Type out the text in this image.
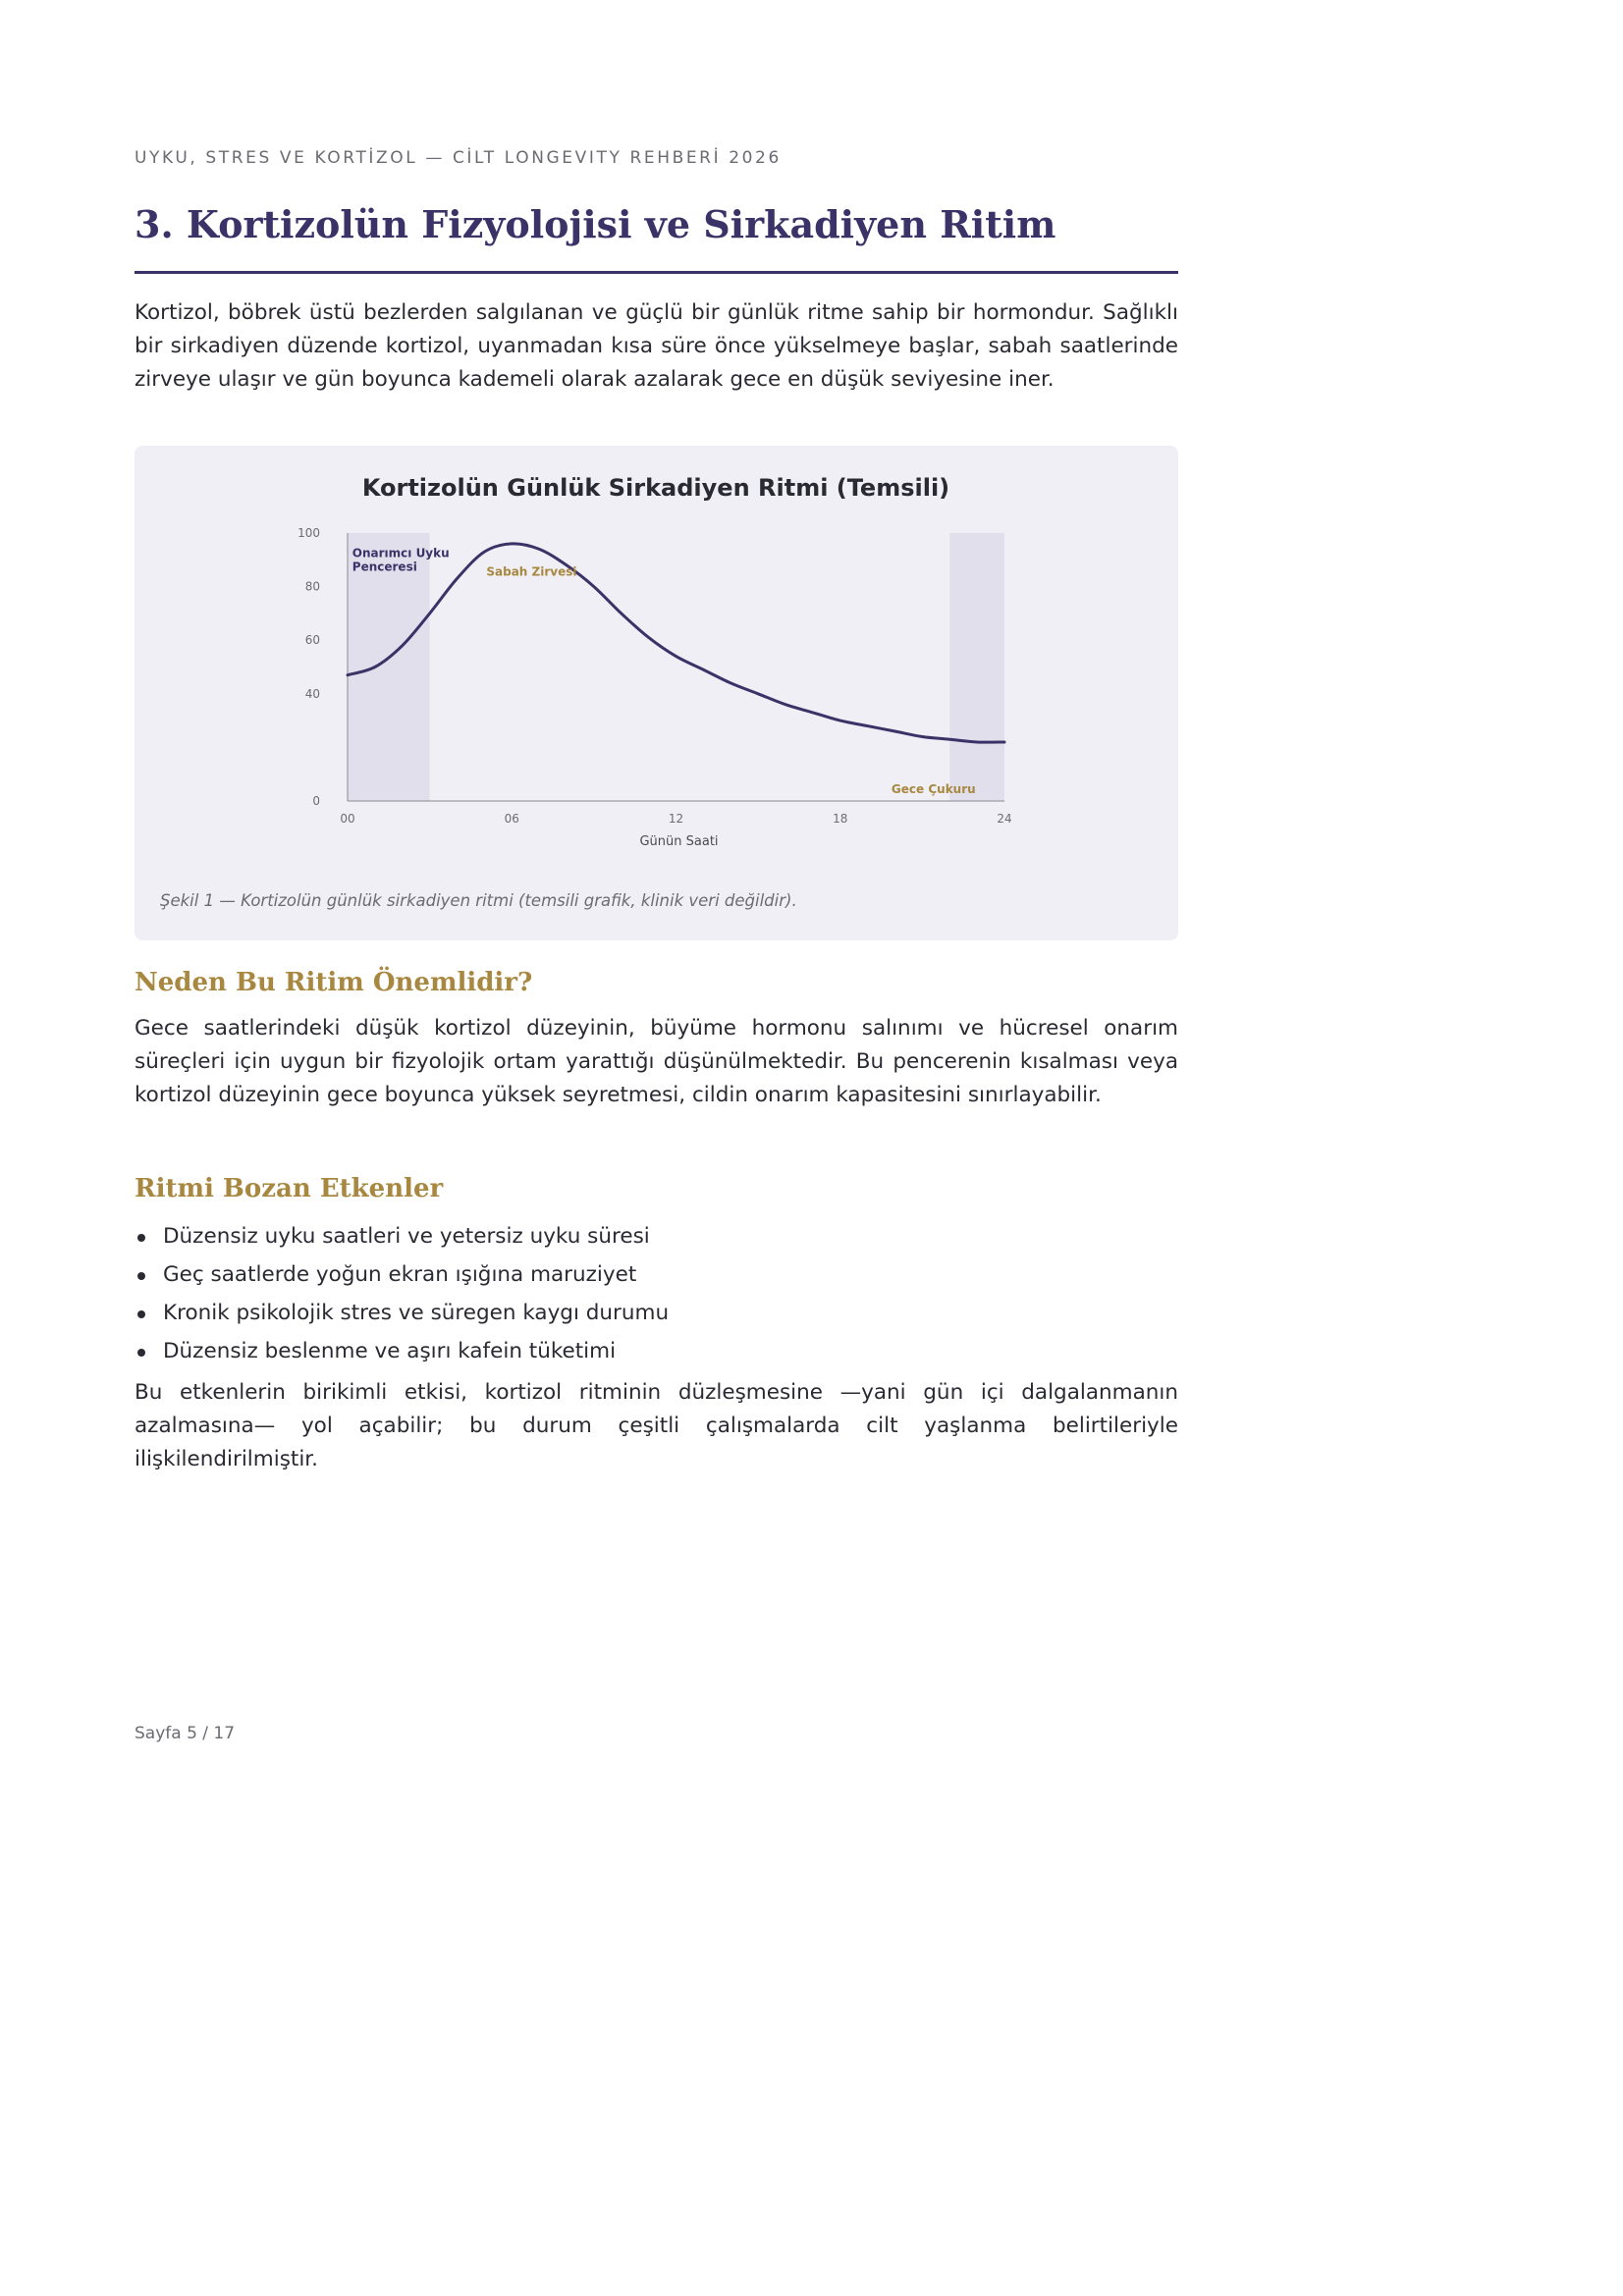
UYKU, STRES VE KORTİZOL — CİLT LONGEVITY REHBERİ 2026
3. Kortizolün Fizyolojisi ve Sirkadiyen Ritim

Kortizol, böbrek üstü bezlerden salgılanan ve güçlü bir günlük ritme sahip bir hormondur. Sağlıklı bir sirkadiyen düzende kortizol, uyanmadan kısa süre önce yükselmeye başlar, sabah saatlerinde zirveye ulaşır ve gün boyunca kademeli olarak azalarak gece en düşük seviyesine iner.

Kortizolün Günlük Sirkadiyen Ritmi (Temsili)
0
40
60
80
100
00	06	12	18	24
Günün Saati
Onarımcı Uyku Penceresi	Sabah Zirvesi
Gece Çukuru

Şekil 1 — Kortizolün günlük sirkadiyen ritmi (temsili grafik, klinik veri değildir).

Neden Bu Ritim Önemlidir?

Gece saatlerindeki düşük kortizol düzeyinin, büyüme hormonu salınımı ve hücresel onarım süreçleri için uygun bir fizyolojik ortam yarattığı düşünülmektedir. Bu pencerenin kısalması veya kortizol düzeyinin gece boyunca yüksek seyretmesi, cildin onarım kapasitesini sınırlayabilir.

Ritmi Bozan Etkenler
Düzensiz uyku saatleri ve yetersiz uyku süresi
Geç saatlerde yoğun ekran ışığına maruziyet
Kronik psikolojik stres ve süregen kaygı durumu
Düzensiz beslenme ve aşırı kafein tüketimi

Bu etkenlerin birikimli etkisi, kortizol ritminin düzleşmesine —yani gün içi dalgalanmanın azalmasına— yol açabilir; bu durum çeşitli çalışmalarda cilt yaşlanma belirtileriyle ilişkilendirilmiştir.

Sayfa 5 / 17
